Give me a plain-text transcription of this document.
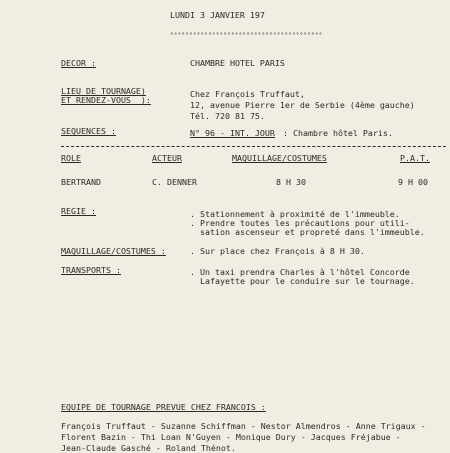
LUNDI 3 JANVIER 197
°°°°°°°°°°°°°°°°°°°°°°°°°°°°°°°°°°°°°°°°
DECOR :	CHAMBRE HOTEL PARIS
LIEU DE TOURNAGE)
ET RENDEZ-VOUS  ):
Chez François Truffaut,
12, avenue Pierre 1er de Serbie (4ème gauche)
Tél. 720 81 75.
SEQUENCES :	N° 96 - INT. JOUR : Chambre hôtel Paris.
ROLE	ACTEUR	MAQUILLAGE/COSTUMES	P.A.T.
BERTRAND	C. DENNER	8 H 30	9 H 00
REGIE :	. Stationnement à proximité de l'immeuble.
. Prendre toutes les précautions pour utili-
sation ascenseur et propreté dans l'immeuble.
MAQUILLAGE/COSTUMES :	. Sur place chez François à 8 H 30.
TRANSPORTS :	. Un taxi prendra Charles à l'hôtel Concorde
Lafayette pour le conduire sur le tournage.
EQUIPE DE TOURNAGE PREVUE CHEZ FRANCOIS :
François Truffaut - Suzanne Schiffman - Nestor Almendros - Anne Trigaux -
Florent Bazin - Thi Loan N'Guyen - Monique Dury - Jacques Fréjabue -
Jean-Claude Gasché - Roland Thénot.
